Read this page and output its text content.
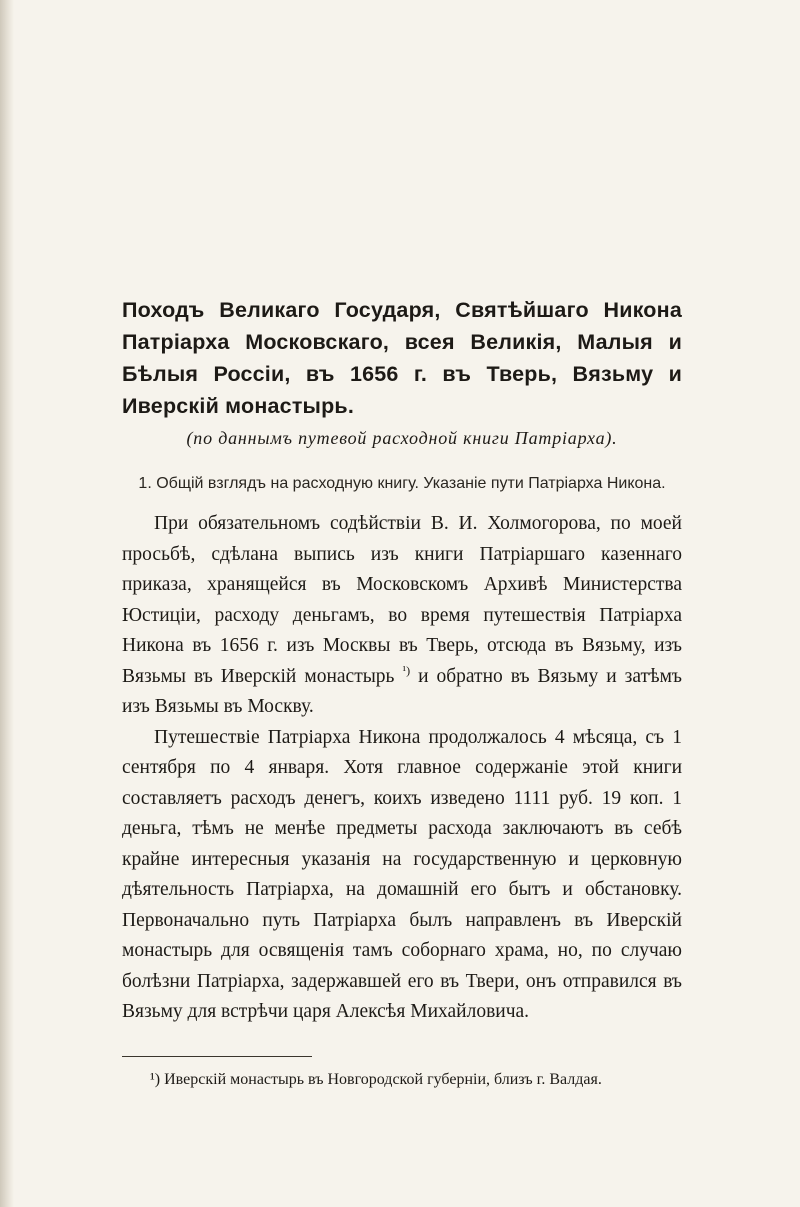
Походъ Великаго Государя, Святѣйшаго Никона Патріарха Московскаго, всея Великія, Малыя и Бѣлыя Россіи, въ 1656 г. въ Тверь, Вязьму и Иверскій монастырь.

(по даннымъ путевой расходной книги Патріарха).

1. Общій взглядъ на расходную книгу. Указаніе пути Патріарха Никона.

При обязательномъ содѣйствіи В. И. Холмогорова, по моей просьбѣ, сдѣлана выпись изъ книги Патріаршаго казеннаго приказа, хранящейся въ Московскомъ Архивѣ Министерства Юстиціи, расходу деньгамъ, во время путешествія Патріарха Никона въ 1656 г. изъ Москвы въ Тверь, отсюда въ Вязьму, изъ Вязьмы въ Иверскій монастырь $^{^1)}$ и обратно въ Вязьму и затѣмъ изъ Вязьмы въ Москву.

Путешествіе Патріарха Никона продолжалось 4 мѣсяца, съ 1 сентября по 4 января. Хотя главное содержаніе этой книги составляетъ расходъ денегъ, коихъ изведено 1111 руб. 19 коп. 1 деньга, тѣмъ не менѣе предметы расхода заключаютъ въ себѣ крайне интересныя указанія на государственную и церковную дѣятельность Патріарха, на домашній его бытъ и обстановку. Первоначально путь Патріарха былъ направленъ въ Иверскій монастырь для освященія тамъ соборнаго храма, но, по случаю болѣзни Патріарха, задержавшей его въ Твери, онъ отправился въ Вязьму для встрѣчи царя Алексѣя Михайловича.

¹) Иверскій монастырь въ Новгородской губерніи, близъ г. Валдая.
